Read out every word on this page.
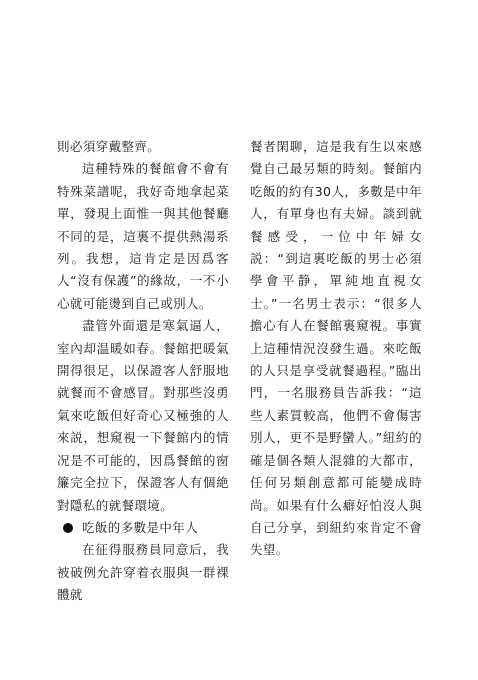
則必須穿戴整齊。

這種特殊的餐館會不會有特殊菜譜呢，我好奇地拿起菜單，發現上面惟一與其他餐廳不同的是，這裏不提供熱湯系列。我想，這肯定是因爲客人“沒有保護”的緣故，一不小心就可能燙到自己或別人。

盡管外面還是寒氣逼人，室內却温暖如春。餐館把暖氣開得很足，以保證客人舒服地就餐而不會感冒。對那些沒勇氣來吃飯但好奇心又極強的人來説，想窺視一下餐館内的情况是不可能的，因爲餐館的窗簾完全拉下，保證客人有個絶對隱私的就餐環境。

吃飯的多數是中年人

在征得服務員同意后，我被破例允許穿着衣服與一群裸體就

餐者閑聊，這是我有生以來感覺自己最另類的時刻。餐館内吃飯的約有30人，多數是中年人，有單身也有夫婦。談到就餐感受，一位中年婦女説：“到這裏吃飯的男士必須學會平静，單純地直視女士。”一名男士表示：“很多人擔心有人在餐館裏窺視。事實上這種情況沒發生過。來吃飯的人只是享受就餐過程。”臨出門，一名服務員告訴我：“這些人素質較高，他們不會傷害別人，更不是野蠻人。”紐約的確是個各類人混雜的大都市，任何另類創意都可能變成時尚。如果有什么癖好怕沒人與自己分享，到紐約來肯定不會失望。
